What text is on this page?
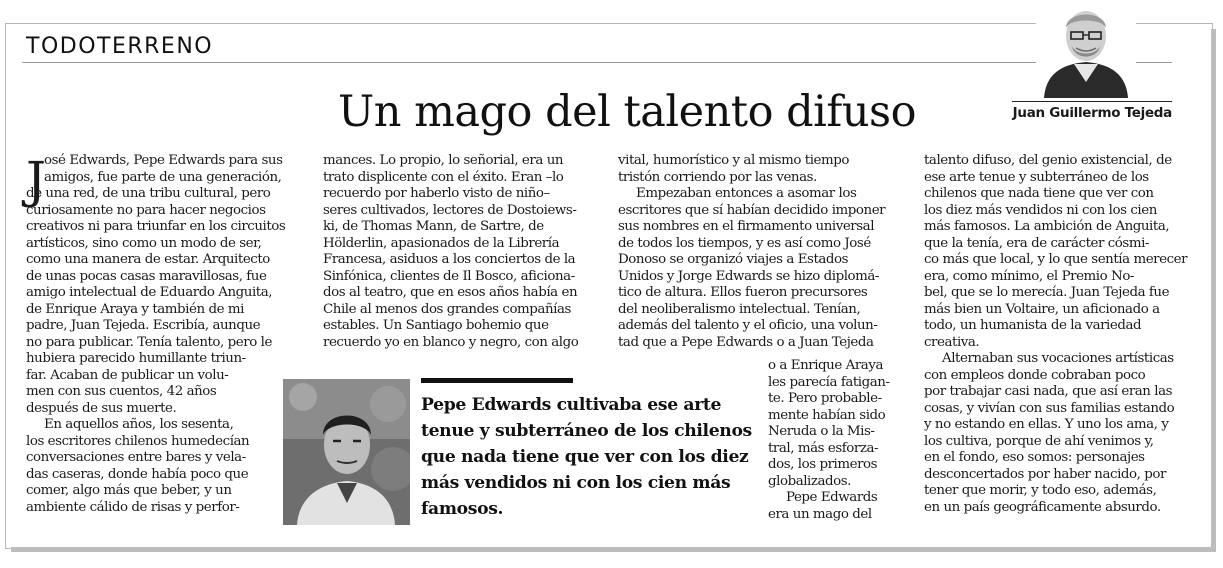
TODOTERRENO
Juan Guillermo Tejeda
Un mago del talento difuso
J
osé Edwards, Pepe Edwards para sus
amigos, fue parte de una generación,
de una red, de una tribu cultural, pero
curiosamente no para hacer negocios
creativos ni para triunfar en los circuitos
artísticos, sino como un modo de ser,
como una manera de estar. Arquitecto
de unas pocas casas maravillosas, fue
amigo intelectual de Eduardo Anguita,
de Enrique Araya y también de mi
padre, Juan Tejeda. Escribía, aunque
no para publicar. Tenía talento, pero le
hubiera parecido humillante triun-
far. Acaban de publicar un volu-
men con sus cuentos, 42 años
después de sus muerte.
En aquellos años, los sesenta,
los escritores chilenos humedecían
conversaciones entre bares y vela-
das caseras, donde había poco que
comer, algo más que beber, y un
ambiente cálido de risas y perfor-
mances. Lo propio, lo señorial, era un
trato displicente con el éxito. Eran –lo
recuerdo por haberlo visto de niño–
seres cultivados, lectores de Dostoiews-
ki, de Thomas Mann, de Sartre, de
Hölderlin, apasionados de la Librería
Francesa, asiduos a los conciertos de la
Sinfónica, clientes de Il Bosco, aficiona-
dos al teatro, que en esos años había en
Chile al menos dos grandes compañías
estables. Un Santiago bohemio que
recuerdo yo en blanco y negro, con algo
vital, humorístico y al mismo tiempo
tristón corriendo por las venas.
Empezaban entonces a asomar los
escritores que sí habían decidido imponer
sus nombres en el firmamento universal
de todos los tiempos, y es así como José
Donoso se organizó viajes a Estados
Unidos y Jorge Edwards se hizo diplomá-
tico de altura. Ellos fueron precursores
del neoliberalismo intelectual. Tenían,
además del talento y el oficio, una volun-
tad que a Pepe Edwards o a Juan Tejeda
o a Enrique Araya
les parecía fatigan-
te. Pero probable-
mente habían sido
Neruda o la Mis-
tral, más esforza-
dos, los primeros
globalizados.
Pepe Edwards
era un mago del
talento difuso, del genio existencial, de
ese arte tenue y subterráneo de los
chilenos que nada tiene que ver con
los diez más vendidos ni con los cien
más famosos. La ambición de Anguita,
que la tenía, era de carácter cósmi-
co más que local, y lo que sentía merecer
era, como mínimo, el Premio No-
bel, que se lo merecía. Juan Tejeda fue
más bien un Voltaire, un aficionado a
todo, un humanista de la variedad
creativa.
Alternaban sus vocaciones artísticas
con empleos donde cobraban poco
por trabajar casi nada, que así eran las
cosas, y vivían con sus familias estando
y no estando en ellas. Y uno los ama, y
los cultiva, porque de ahí venimos y,
en el fondo, eso somos: personajes
desconcertados por haber nacido, por
tener que morir, y todo eso, además,
en un país geográficamente absurdo.
Pepe Edwards cultivaba ese arte
tenue y subterráneo de los chilenos
que nada tiene que ver con los diez
más vendidos ni con los cien más
famosos.
